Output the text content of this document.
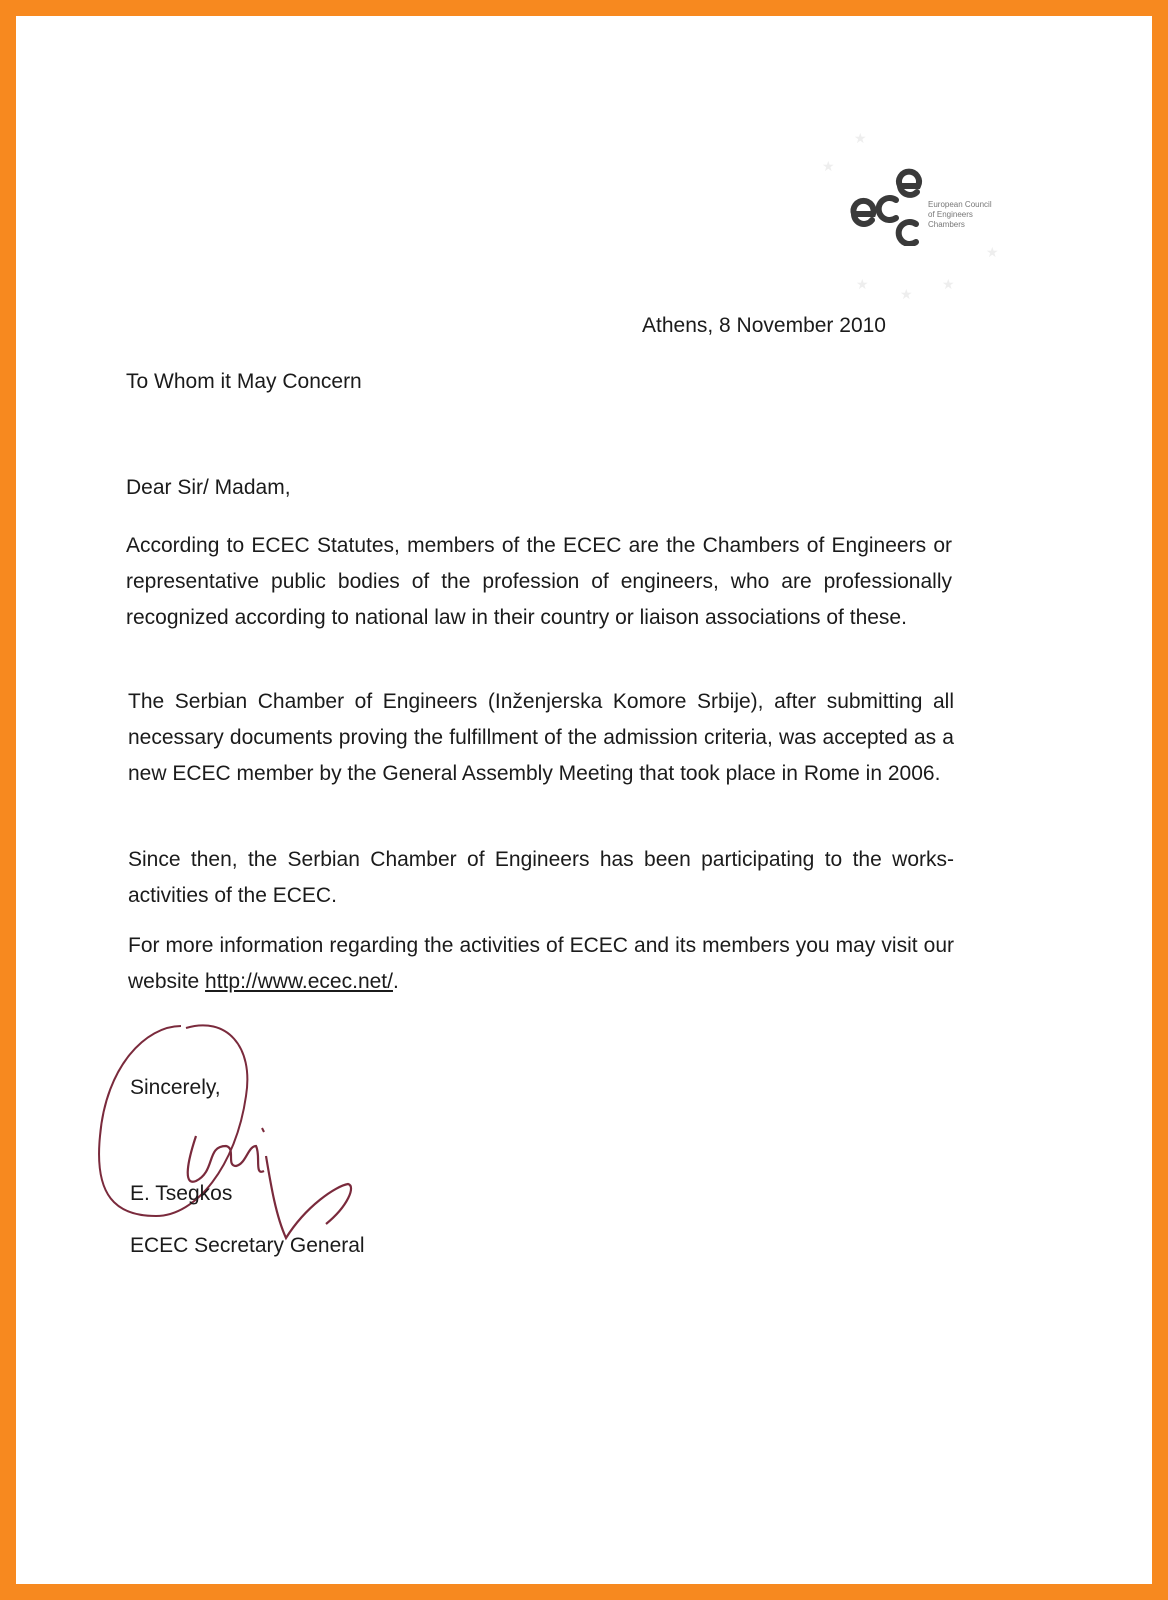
★
★
★
★	★
★
European Council
of Engineers
Chambers
Athens, 8 November 2010
To Whom it May Concern
Dear Sir/ Madam,

According to ECEC Statutes, members of the ECEC are the Chambers of Engineers or representative public bodies of the profession of engineers, who are professionally recognized according to national law in their country or liaison associations of these.

The Serbian Chamber of Engineers (Inženjerska Komore Srbije), after submitting all necessary documents proving the fulfillment of the admission criteria, was accepted as a new ECEC member by the General Assembly Meeting that took place in Rome in 2006.

Since then, the Serbian Chamber of Engineers has been participating to the works- activities of the ECEC.

For more information regarding the activities of ECEC and its members you may visit our website http://www.ecec.net/.

Sincerely,
E. Tsegkos
ECEC Secretary General
